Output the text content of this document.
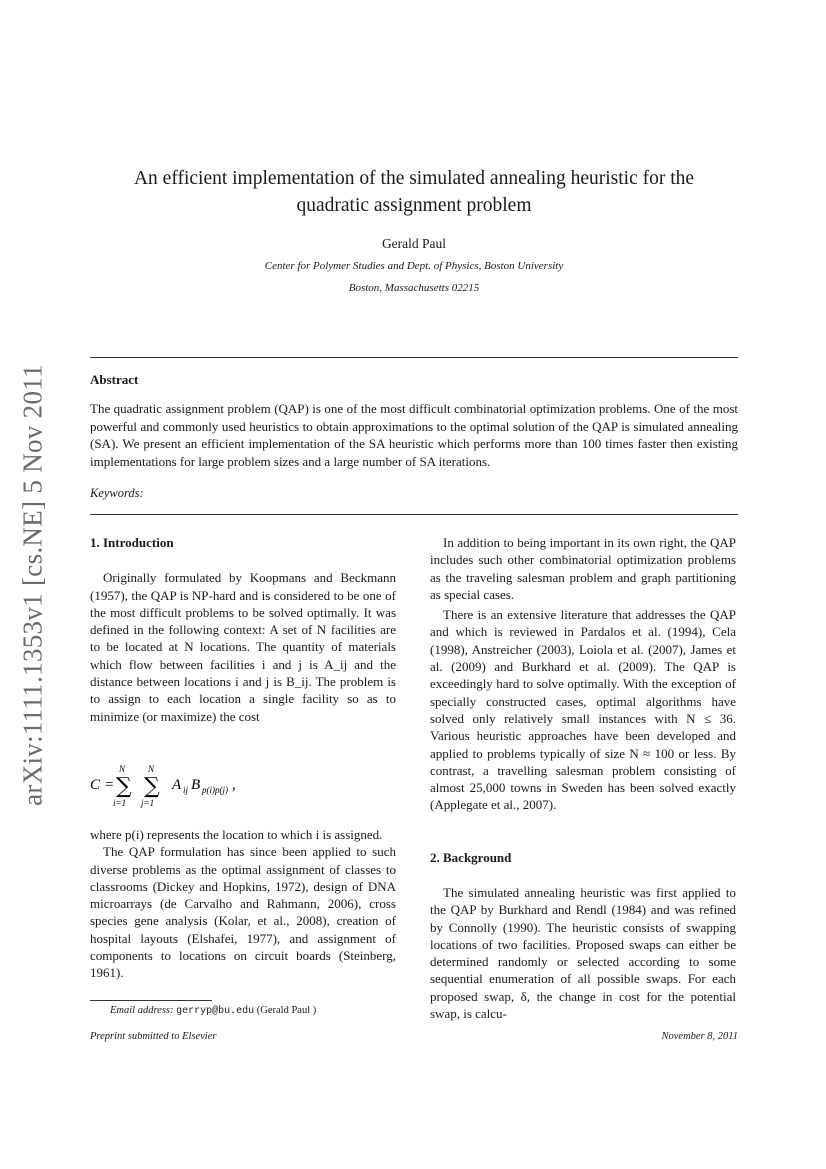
arXiv:1111.1353v1 [cs.NE] 5 Nov 2011
An efficient implementation of the simulated annealing heuristic for the
quadratic assignment problem
Gerald Paul
Center for Polymer Studies and Dept. of Physics, Boston University
Boston, Massachusetts 02215
Abstract
The quadratic assignment problem (QAP) is one of the most difficult combinatorial optimization problems. One of the most powerful and commonly used heuristics to obtain approximations to the optimal solution of the QAP is simulated annealing (SA). We present an efficient implementation of the SA heuristic which performs more than 100 times faster then existing implementations for large problem sizes and a large number of SA iterations.
Keywords:
1. Introduction

Originally formulated by Koopmans and Beckmann (1957), the QAP is NP-hard and is considered to be one of the most difficult problems to be solved optimally. It was defined in the following context: A set of N facilities are to be located at N locations. The quantity of materials which flow between facilities i and j is A_ij and the distance between locations i and j is B_ij. The problem is to assign to each location a single facility so as to minimize (or maximize) the cost

C =
N
∑
i=1
N
∑
j=1
A ij B p(i)p(j) ,

where p(i) represents the location to which i is assigned.

The QAP formulation has since been applied to such diverse problems as the optimal assignment of classes to classrooms (Dickey and Hopkins, 1972), design of DNA microarrays (de Carvalho and Rahmann, 2006), cross species gene analysis (Kolar, et al., 2008), creation of hospital layouts (Elshafei, 1977), and assignment of components to locations on circuit boards (Steinberg, 1961).

In addition to being important in its own right, the QAP includes such other combinatorial optimization problems as the traveling salesman problem and graph partitioning as special cases.

There is an extensive literature that addresses the QAP and which is reviewed in Pardalos et al. (1994), Cela (1998), Anstreicher (2003), Loiola et al. (2007), James et al. (2009) and Burkhard et al. (2009). The QAP is exceedingly hard to solve optimally. With the exception of specially constructed cases, optimal algorithms have solved only relatively small instances with N ≤ 36. Various heuristic approaches have been developed and applied to problems typically of size N ≈ 100 or less. By contrast, a travelling salesman problem consisting of almost 25,000 towns in Sweden has been solved exactly (Applegate et al., 2007).

2. Background

The simulated annealing heuristic was first applied to the QAP by Burkhard and Rendl (1984) and was refined by Connolly (1990). The heuristic consists of swapping locations of two facilities. Proposed swaps can either be determined randomly or selected according to some sequential enumeration of all possible swaps. For each proposed swap, δ, the change in cost for the potential swap, is calcu-

Email address: gerryp@bu.edu (Gerald Paul )
Preprint submitted to Elsevier	November 8, 2011
